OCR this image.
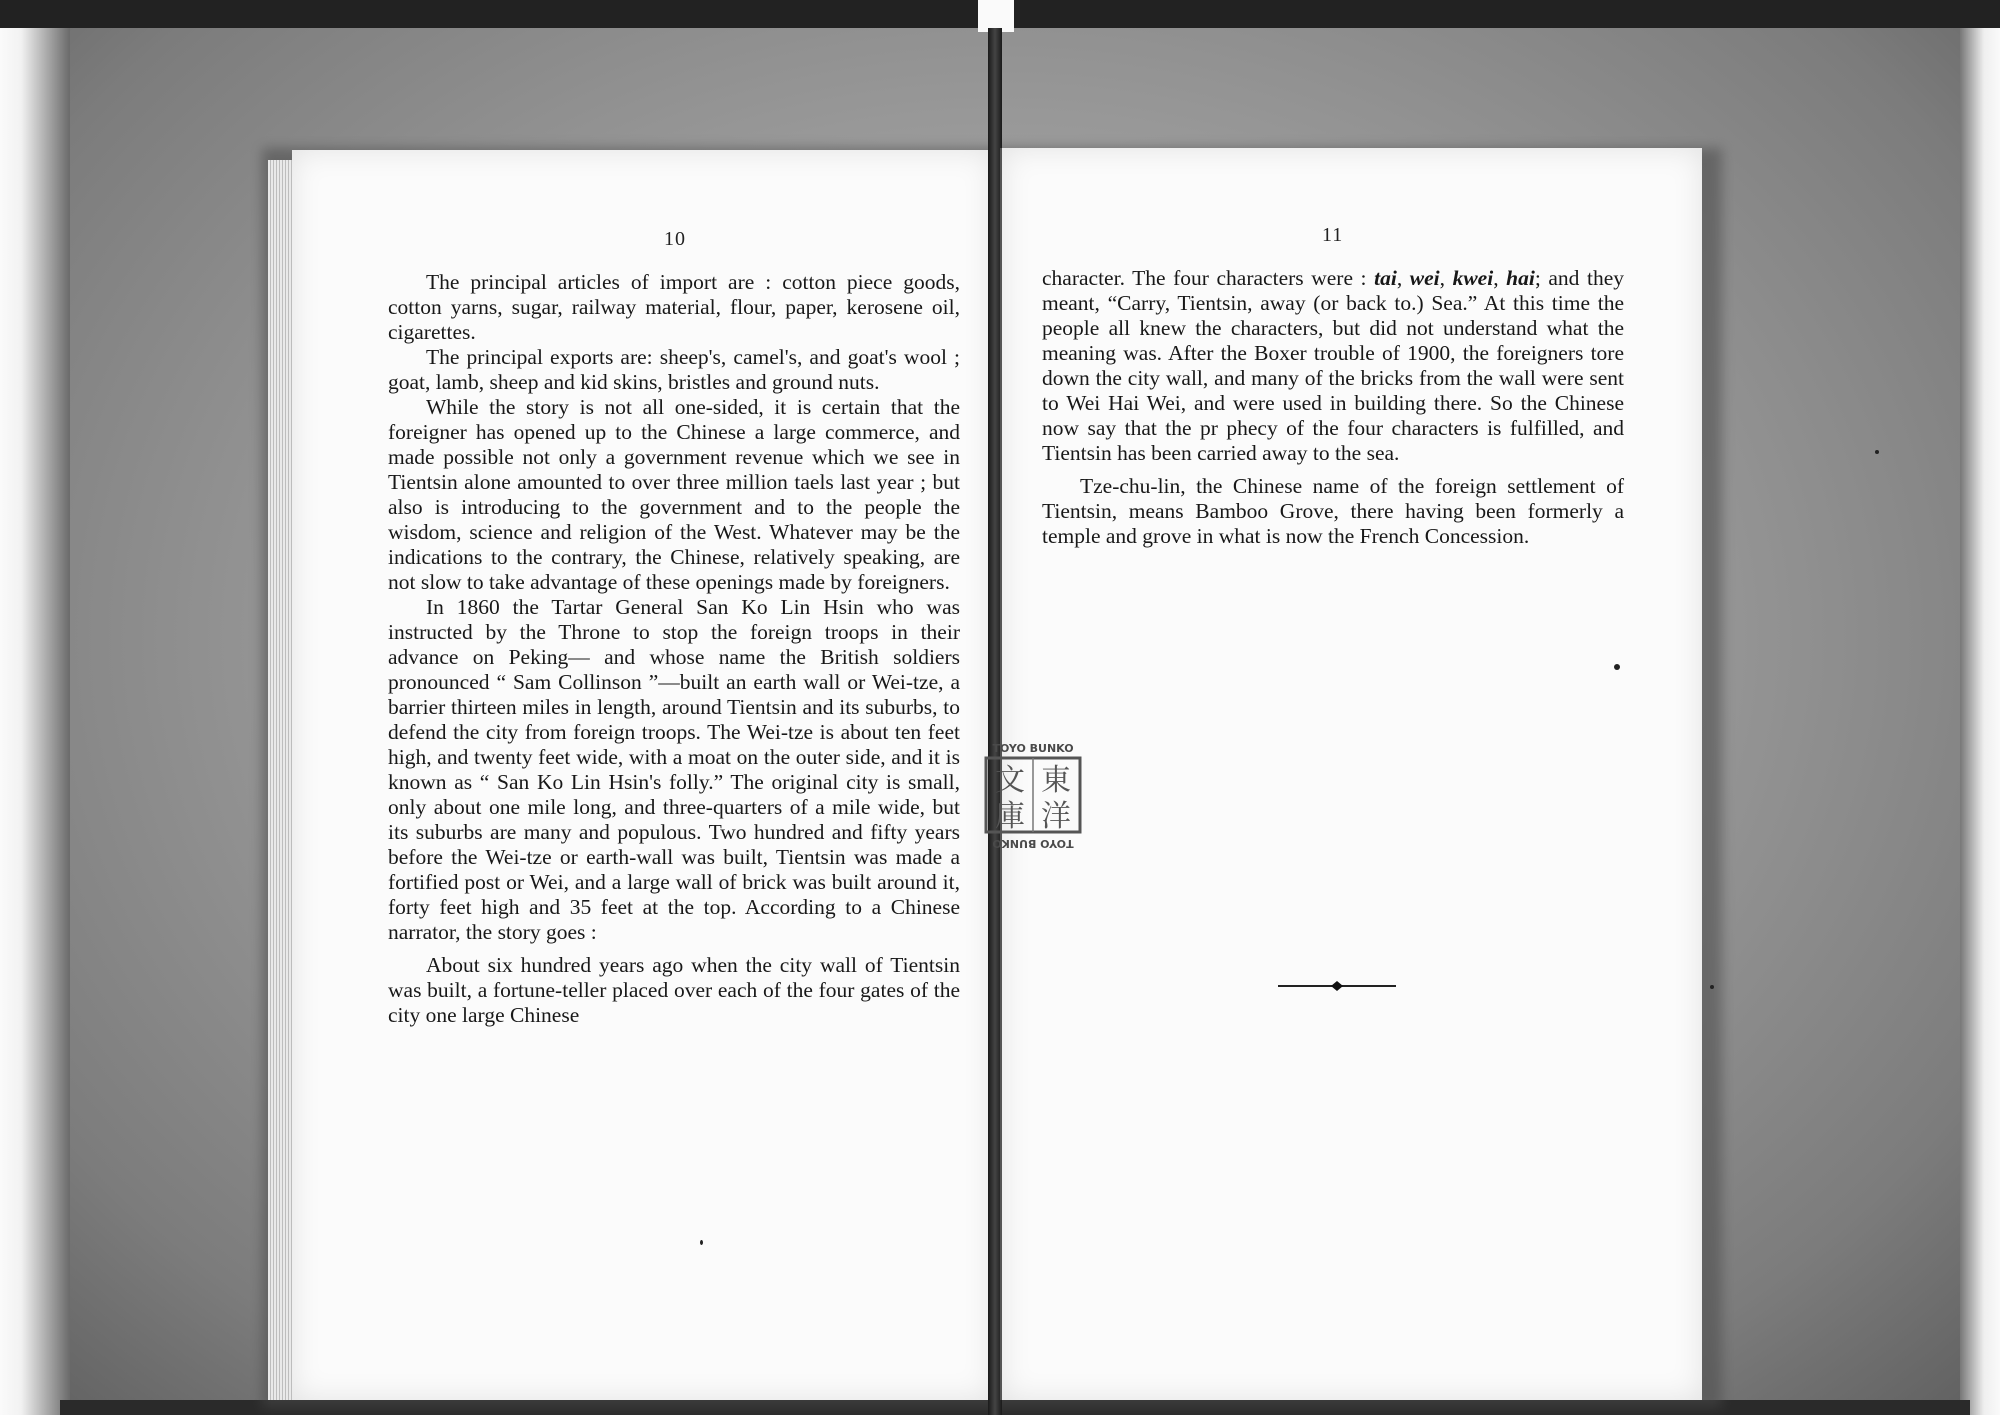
10

The principal articles of import are : cotton piece goods, cotton yarns, sugar, railway material, flour, paper, kerosene oil, cigarettes.

The principal exports are: sheep's, camel's, and goat's wool ; goat, lamb, sheep and kid skins, bristles and ground nuts.

While the story is not all one-sided, it is certain that the foreigner has opened up to the Chinese a large commerce, and made possible not only a government revenue which we see in Tientsin alone amounted to over three million taels last year ; but also is introducing to the government and to the people the wisdom, science and religion of the West. Whatever may be the indications to the contrary, the Chinese, relatively speaking, are not slow to take advantage of these openings made by foreigners.

In 1860 the Tartar General San Ko Lin Hsin who was instructed by the Throne to stop the foreign troops in their advance on Peking— and whose name the British soldiers pronounced “ Sam Collinson ”—built an earth wall or Wei-tze, a barrier thirteen miles in length, around Tientsin and its suburbs, to defend the city from foreign troops. The Wei-tze is about ten feet high, and twenty feet wide, with a moat on the outer side, and it is known as “ San Ko Lin Hsin's folly.” The original city is small, only about one mile long, and three-quarters of a mile wide, but its suburbs are many and populous. Two hundred and fifty years before the Wei-tze or earth-wall was built, Tientsin was made a fortified post or Wei, and a large wall of brick was built around it, forty feet high and 35 feet at the top. According to a Chinese narrator, the story goes :

About six hundred years ago when the city wall of Tientsin was built, a fortune-teller placed over each of the four gates of the city one large Chinese

11

character. The four characters were : tai, wei, kwei, hai; and they meant, “Carry, Tientsin, away (or back to.) Sea.” At this time the people all knew the characters, but did not understand what the meaning was. After the Boxer trouble of 1900, the foreigners tore down the city wall, and many of the bricks from the wall were sent to Wei Hai Wei, and were used in building there. So the Chinese now say that the pr phecy of the four characters is fulfilled, and Tientsin has been carried away to the sea.

Tze-chu-lin, the Chinese name of the foreign settlement of Tientsin, means Bamboo Grove, there having been formerly a temple and grove in what is now the French Concession.

TOYO BUNKO
東
洋
文
庫
TOYO BUNKO
